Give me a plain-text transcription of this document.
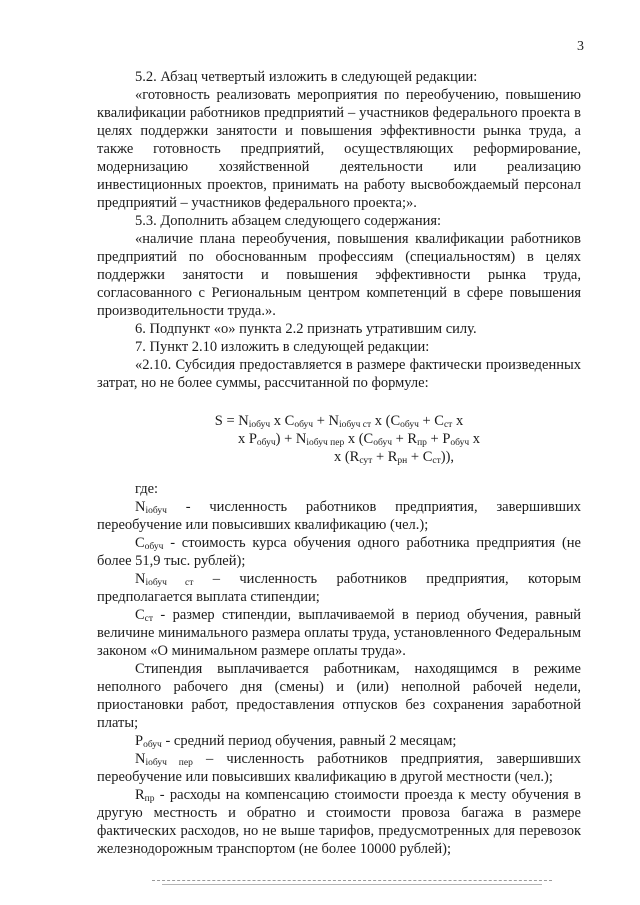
3

5.2. Абзац четвертый изложить в следующей редакции:

«готовность реализовать мероприятия по переобучению, повышению квалификации работников предприятий – участников федерального проекта в целях поддержки занятости и повышения эффективности рынка труда, а также готовность предприятий, осуществляющих реформирование, модернизацию хозяйственной деятельности или реализацию инвестиционных проектов, принимать на работу высвобождаемый персонал предприятий – участников федерального проекта;».

5.3. Дополнить абзацем следующего содержания:

«наличие плана переобучения, повышения квалификации работников предприятий по обоснованным профессиям (специальностям) в целях поддержки занятости и повышения эффективности рынка труда, согласованного с Региональным центром компетенций в сфере повышения производительности труда.».

6. Подпункт «о» пункта 2.2 признать утратившим силу.

7. Пункт 2.10 изложить в следующей редакции:

«2.10. Субсидия предоставляется в размере фактически произведенных затрат, но не более суммы, рассчитанной по формуле:

$S = N_{iобуч}$ x $C_{обуч} + N_{iобуч ст}$ x ($C_{обуч} + C_{ст}$ x
x $P_{обуч}) + N_{iобуч пер}$ x ($C_{обуч} + R_{пр} + P_{обуч}$ x
x $(R_{сут} + R_{рн} + C_{ст})$),

где:

$N_{iобуч}$ - численность работников предприятия, завершивших переобучение или повысивших квалификацию (чел.);

$C_{обуч}$ - стоимость курса обучения одного работника предприятия (не более 51,9 тыс. рублей);

$N_{iобуч ст}$ – численность работников предприятия, которым предполагается выплата стипендии;

$C_{ст}$ - размер стипендии, выплачиваемой в период обучения, равный величине минимального размера оплаты труда, установленного Федеральным законом «О минимальном размере оплаты труда».

Стипендия выплачивается работникам, находящимся в режиме неполного рабочего дня (смены) и (или) неполной рабочей недели, приостановки работ, предоставления отпусков без сохранения заработной платы;

$P_{обуч}$ - средний период обучения, равный 2 месяцам;

$N_{iобуч пер}$ – численность работников предприятия, завершивших переобучение или повысивших квалификацию в другой местности (чел.);

$R_{пр}$ - расходы на компенсацию стоимости проезда к месту обучения в другую местность и обратно и стоимости провоза багажа в размере фактических расходов, но не выше тарифов, предусмотренных для перевозок железнодорожным транспортом (не более 10000 рублей);
